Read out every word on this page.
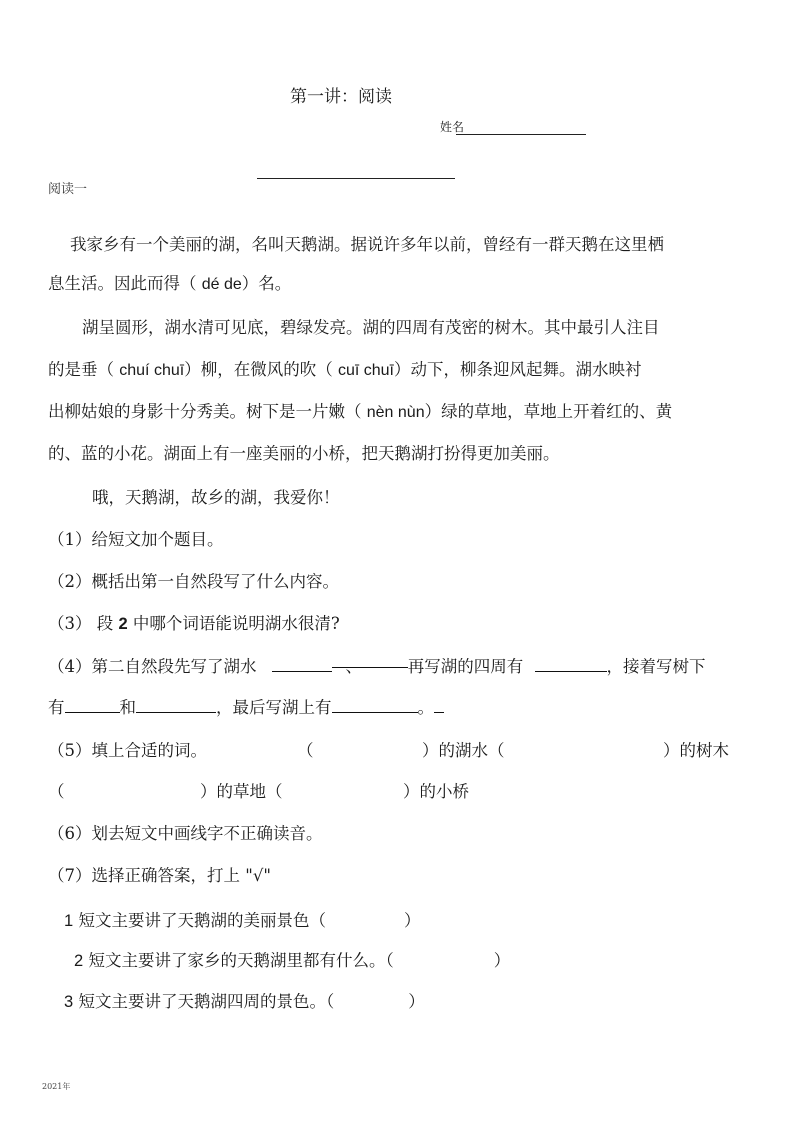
第一讲：阅读
姓名
阅读一
我家乡有一个美丽的湖，名叫天鹅湖。据说许多年以前，曾经有一群天鹅在这里栖
息生活。因此而得（ dé de）名。
湖呈圆形，湖水清可见底，碧绿发亮。湖的四周有茂密的树木。其中最引人注目
的是垂（ chuí chuī）柳，在微风的吹（ cuī chuī）动下，柳条迎风起舞。湖水映衬
出柳姑娘的身影十分秀美。树下是一片嫩（ nèn nùn）绿的草地，草地上开着红的、黄
的、蓝的小花。湖面上有一座美丽的小桥，把天鹅湖打扮得更加美丽。
哦，天鹅湖，故乡的湖，我爱你！
（1）给短文加个题目。
（2）概括出第一自然段写了什么内容。
（3） 段 2 中哪个词语能说明湖水很清?
（4）第二自然段先写了湖水	、	再写湖的四周有	，接着写树下
有	和	，最后写湖上有	。
（5）填上合适的词。	（	）的湖水（	）的树木
（	）的草地（	）的小桥
（6）划去短文中画线字不正确读音。
（7）选择正确答案，打上 "√"
1 短文主要讲了天鹅湖的美丽景色（	）
2 短文主要讲了家乡的天鹅湖里都有什么。（	）
3 短文主要讲了天鹅湖四周的景色。（	）
2021年
